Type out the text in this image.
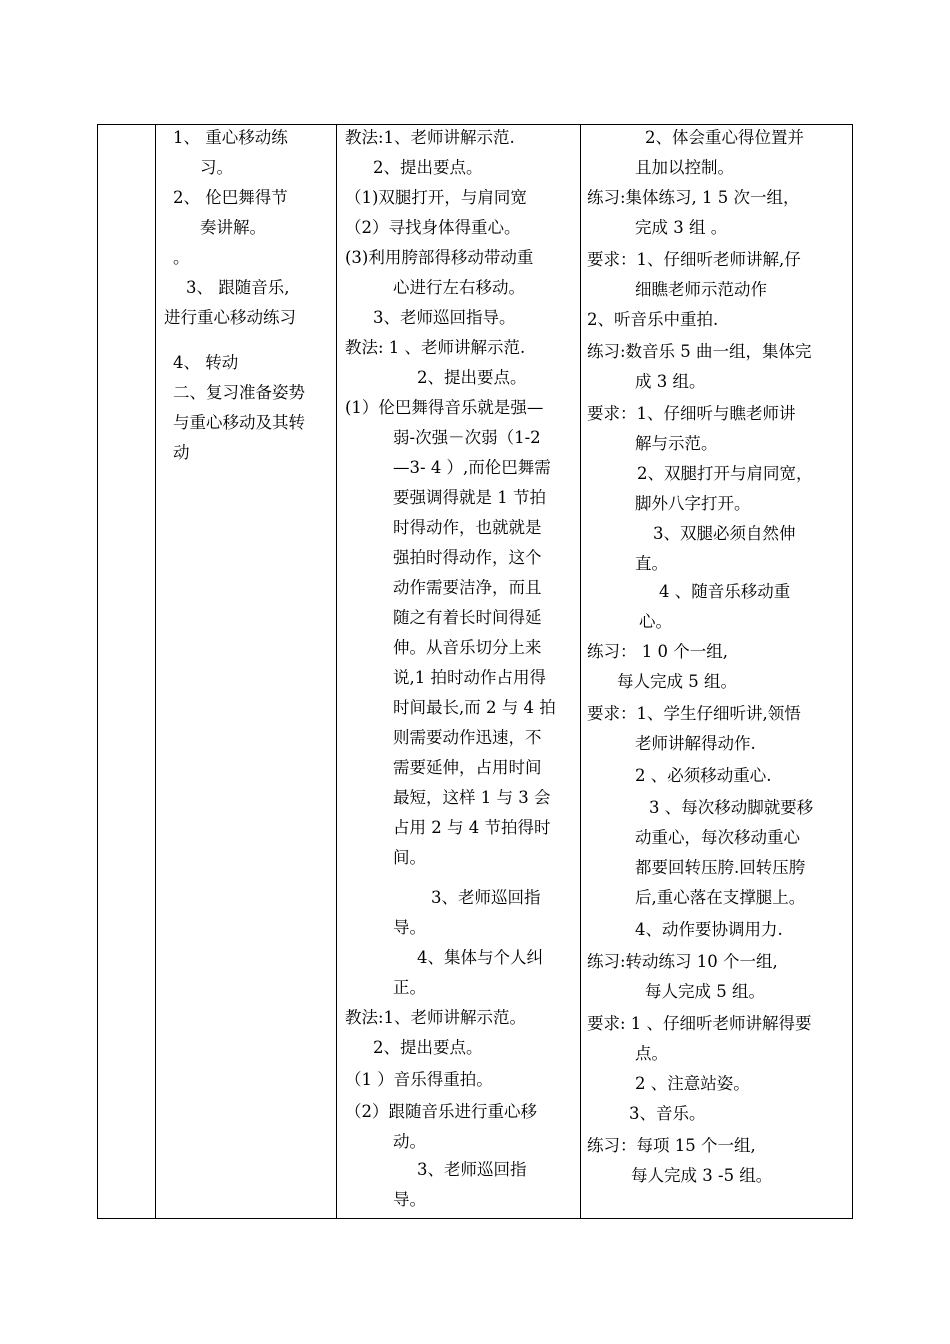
1、 重心移动练
习。
2、 伦巴舞得节
奏讲解。
。
3、 跟随音乐,
进行重心移动练习
4、 转动
二、复习准备姿势
与重心移动及其转
动
教法:1、老师讲解示范.
2、提出要点。
（1)双腿打开，与肩同宽
（2）寻找身体得重心。
(3)利用胯部得移动带动重
心进行左右移动。
3、老师巡回指导。
教法: 1 、老师讲解示范.
2、提出要点。
(1）伦巴舞得音乐就是强—
弱-次强－次弱（1-2
—3- 4 ）,而伦巴舞需
要强调得就是 1 节拍
时得动作，也就就是
强拍时得动作，这个
动作需要洁净，而且
随之有着长时间得延
伸。从音乐切分上来
说,1 拍时动作占用得
时间最长,而 2 与 4 拍
则需要动作迅速，不
需要延伸，占用时间
最短，这样 1 与 3 会
占用 2 与 4 节拍得时
间。
3、老师巡回指
导。
4、集体与个人纠
正。
教法:1、老师讲解示范。
2、提出要点。
（1 ）音乐得重拍。
（2）跟随音乐进行重心移
动。
3、老师巡回指
导。
2、体会重心得位置并
且加以控制。
练习:集体练习, 1 5 次一组，
完成 3 组 。
要求：1、仔细听老师讲解,仔
细瞧老师示范动作
2、听音乐中重拍.
练习:数音乐 5 曲一组，集体完
成 3 组。
要求：1、仔细听与瞧老师讲
解与示范。
2、双腿打开与肩同宽，
脚外八字打开。
3、双腿必须自然伸
直。
4 、随音乐移动重
心。
练习： 1 0 个一组,
每人完成 5 组。
要求：1、学生仔细听讲,领悟
老师讲解得动作.
2 、必须移动重心.
3 、每次移动脚就要移
动重心，每次移动重心
都要回转压胯.回转压胯
后,重心落在支撑腿上。
4、动作要协调用力.
练习:转动练习 10 个一组,
每人完成 5 组。
要求: 1 、仔细听老师讲解得要
点。
2 、注意站姿。
3、音乐。
练习：每项 15 个一组,
每人完成 3 -5 组。
